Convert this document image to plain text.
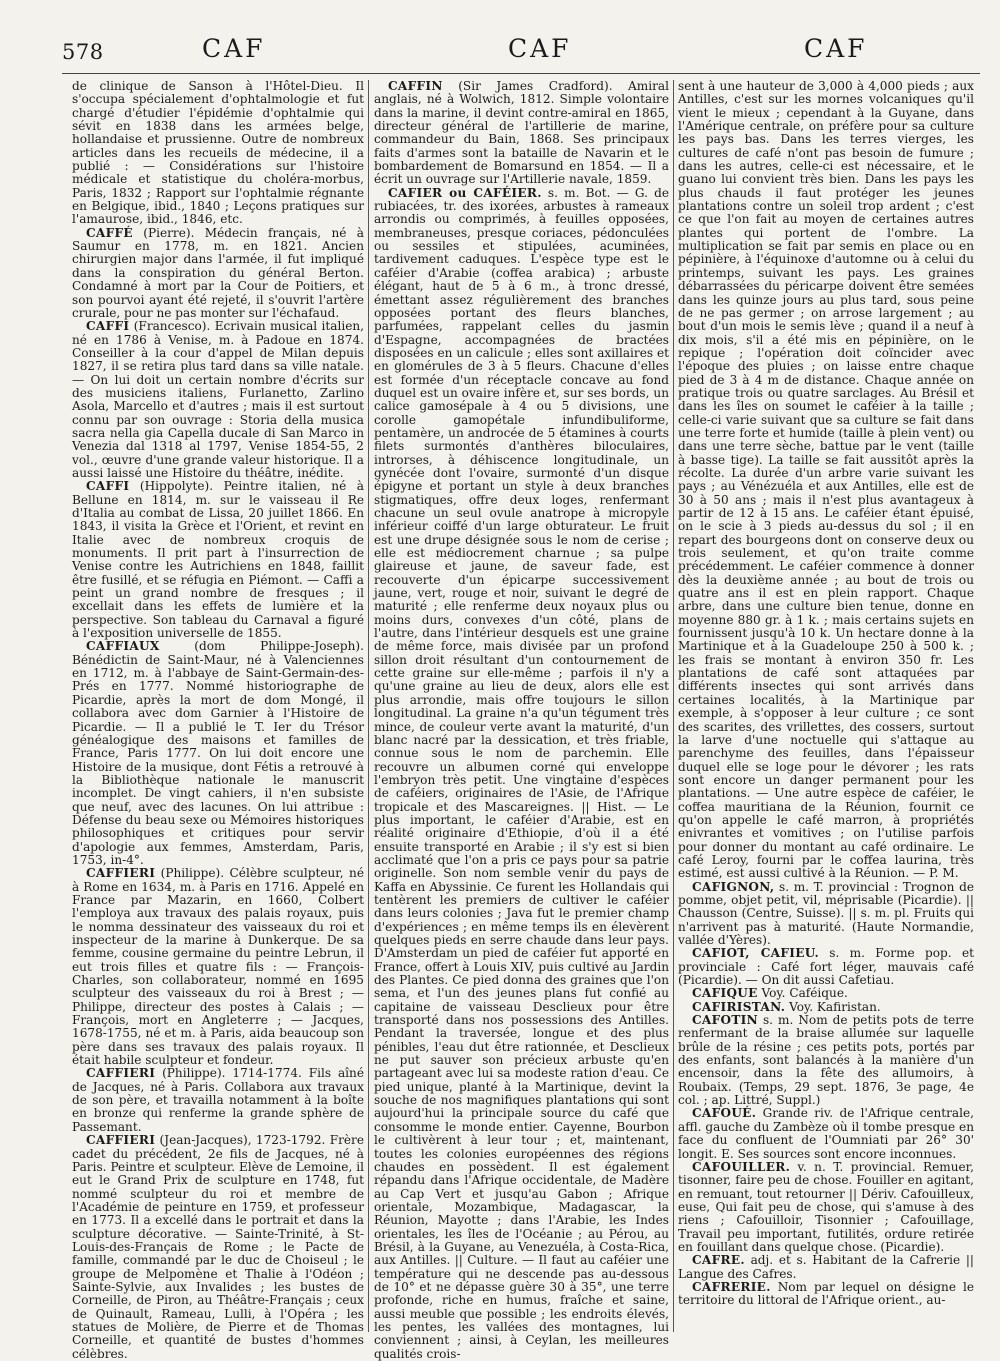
578	CAF	CAF	CAF

de clinique de Sanson à l'Hôtel-Dieu. Il s'occupa spécialement d'ophtalmologie et fut chargé d'étudier l'épidémie d'ophtalmie qui sévit en 1838 dans les armées belge, hollandaise et prussienne. Outre de nombreux articles dans les recueils de médecine, il a publié : — Considérations sur l'histoire médicale et statistique du choléra-morbus, Paris, 1832 ; Rapport sur l'ophtalmie régnante en Belgique, ibid., 1840 ; Leçons pratiques sur l'amaurose, ibid., 1846, etc.

CAFFÉ (Pierre). Médecin français, né à Saumur en 1778, m. en 1821. Ancien chirurgien major dans l'armée, il fut impliqué dans la conspiration du général Berton. Condamné à mort par la Cour de Poitiers, et son pourvoi ayant été rejeté, il s'ouvrit l'artère crurale, pour ne pas monter sur l'échafaud.

CAFFI (Francesco). Ecrivain musical italien, né en 1786 à Venise, m. à Padoue en 1874. Conseiller à la cour d'appel de Milan depuis 1827, il se retira plus tard dans sa ville natale. — On lui doit un certain nombre d'écrits sur des musiciens italiens, Furlanetto, Zarlino Asola, Marcello et d'autres ; mais il est surtout connu par son ouvrage : Storia della musica sacra nella gia Capella ducale di San Marco in Venezia dal 1318 al 1797, Venise 1854-55, 2 vol., œuvre d'une grande valeur historique. Il a aussi laissé une Histoire du théâtre, inédite.

CAFFI (Hippolyte). Peintre italien, né à Bellune en 1814, m. sur le vaisseau il Re d'Italia au combat de Lissa, 20 juillet 1866. En 1843, il visita la Grèce et l'Orient, et revint en Italie avec de nombreux croquis de monuments. Il prit part à l'insurrection de Venise contre les Autrichiens en 1848, faillit être fusillé, et se réfugia en Piémont. — Caffi a peint un grand nombre de fresques ; il excellait dans les effets de lumière et la perspective. Son tableau du Carnaval a figuré à l'exposition universelle de 1855.

CAFFIAUX	(dom Philippe-Joseph). Bénédictin de Saint-Maur, né à Valenciennes en 1712, m. à l'abbaye de Saint-Germain-des-Prés en 1777. Nommé historiographe de Picardie, après la mort de dom Mongé, il collabora avec dom Garnier à l'Histoire de Picardie. — Il a publié le T. Ier du Trésor généalogique des maisons et familles de France, Paris 1777. On lui doit encore une Histoire de la musique, dont Fétis a retrouvé à la Bibliothèque nationale le manuscrit incomplet. De vingt cahiers, il n'en subsiste que neuf, avec des lacunes. On lui attribue : Défense du beau sexe ou Mémoires historiques philosophiques et critiques pour servir d'apologie aux femmes, Amsterdam, Paris, 1753, in-4°.

CAFFIERI (Philippe). Célèbre sculpteur, né à Rome en 1634, m. à Paris en 1716. Appelé en France par Mazarin, en 1660, Colbert l'employa aux travaux des palais royaux, puis le nomma dessinateur des vaisseaux du roi et inspecteur de la marine à Dunkerque. De sa femme, cousine germaine du peintre Lebrun, il eut trois filles et quatre fils : — François-Charles, son collaborateur, nommé en 1695 sculpteur des vaisseaux du roi à Brest ; — Philippe, directeur des postes à Calais ; — François, mort en Angleterre ; — Jacques, 1678-1755, né et m. à Paris, aida beaucoup son père dans ses travaux des palais royaux. Il était habile sculpteur et fondeur.

CAFFIERI (Philippe). 1714-1774. Fils aîné de Jacques, né à Paris. Collabora aux travaux de son père, et travailla notamment à la boîte en bronze qui renferme la grande sphère de Passemant.

CAFFIERI (Jean-Jacques), 1723-1792. Frère cadet du précédent, 2e fils de Jacques, né à Paris. Peintre et sculpteur. Elève de Lemoine, il eut le Grand Prix de sculpture en 1748, fut nommé sculpteur du roi et membre de l'Académie de peinture en 1759, et professeur en 1773. Il a excellé dans le portrait et dans la sculpture décorative. — Sainte-Trinité, à St-Louis-des-Français de Rome ; le Pacte de famille, commandé par le duc de Choiseul ; le groupe de Melpomène et Thalie à l'Odéon ; Sainte-Sylvie, aux Invalides ; les bustes de Corneille, de Piron, au Théâtre-Français ; ceux de Quinault, Rameau, Lulli, à l'Opéra ; les statues de Molière, de Pierre et de Thomas Corneille, et quantité de bustes d'hommes célèbres.

CAFFIN (Sir James Cradford). Amiral anglais, né à Wolwich, 1812. Simple volontaire dans la marine, il devint contre-amiral en 1865, directeur général de l'artillerie de marine, commandeur du Bain, 1868. Ses principaux faits d'armes sont la bataille de Navarin et le bombardement de Bomarsund en 1854. — Il a écrit un ouvrage sur l'Artillerie navale, 1859.

CAFIER ou CAFÉIER. s. m. Bot. — G. de rubiacées, tr. des ixorées, arbustes à rameaux arrondis ou comprimés, à feuilles opposées, membraneuses, presque coriaces, pédonculées ou sessiles et stipulées, acuminées, tardivement caduques. L'espèce type est le caféier d'Arabie (coffea arabica) ; arbuste élégant, haut de 5 à 6 m., à tronc dressé, émettant assez régulièrement des branches opposées portant des fleurs blanches, parfumées, rappelant celles du jasmin d'Espagne, accompagnées de bractées disposées en un calicule ; elles sont axillaires et en glomérules de 3 à 5 fleurs. Chacune d'elles est formée d'un réceptacle concave au fond duquel est un ovaire infère et, sur ses bords, un calice gamosépale à 4 ou 5 divisions, une corolle gamopétale infundibuliforme, pentamère, un androcée de 5 étamines à courts filets surmontés d'anthères biloculaires, introrses, à déhiscence longitudinale, un gynécée dont l'ovaire, surmonté d'un disque épigyne et portant un style à deux branches stigmatiques, offre deux loges, renfermant chacune un seul ovule anatrope à micropyle inférieur coiffé d'un large obturateur. Le fruit est une drupe désignée sous le nom de cerise ; elle est médiocrement charnue ; sa pulpe glaireuse et jaune, de saveur fade, est recouverte d'un épicarpe successivement jaune, vert, rouge et noir, suivant le degré de maturité ; elle renferme deux noyaux plus ou moins durs, convexes d'un côté, plans de l'autre, dans l'intérieur desquels est une graine de même force, mais divisée par un profond sillon droit résultant d'un contournement de cette graine sur elle-même ; parfois il n'y a qu'une graine au lieu de deux, alors elle est plus arrondie, mais offre toujours le sillon longitudinal. La graine n'a qu'un tégument très mince, de couleur verte avant la maturité, d'un blanc nacré par la dessication, et très friable, connue sous le nom de parchemin. Elle recouvre un albumen corné qui enveloppe l'embryon très petit. Une vingtaine d'espèces de caféiers, originaires de l'Asie, de l'Afrique tropicale et des Mascareignes. || Hist. — Le plus important, le caféier d'Arabie, est en réalité originaire d'Ethiopie, d'où il a été ensuite transporté en Arabie ; il s'y est si bien acclimaté que l'on a pris ce pays pour sa patrie originelle. Son nom semble venir du pays de Kaffa en Abyssinie. Ce furent les Hollandais qui tentèrent les premiers de cultiver le caféier dans leurs colonies ; Java fut le premier champ d'expériences ; en même temps ils en élevèrent quelques pieds en serre chaude dans leur pays. D'Amsterdam un pied de caféier fut apporté en France, offert à Louis XIV, puis cultivé au Jardin des Plantes. Ce pied donna des graines que l'on sema, et l'un des jeunes plans fut confié au capitaine de vaisseau Desclieux pour être transporté dans nos possessions des Antilles. Pendant la traversée, longue et des plus pénibles, l'eau dut être rationnée, et Desclieux ne put sauver son précieux arbuste qu'en partageant avec lui sa modeste ration d'eau. Ce pied unique, planté à la Martinique, devint la souche de nos magnifiques plantations qui sont aujourd'hui la principale source du café que consomme le monde entier. Cayenne, Bourbon le cultivèrent à leur tour ; et, maintenant, toutes les colonies européennes des régions chaudes en possèdent. Il est également répandu dans l'Afrique occidentale, de Madère au Cap Vert et jusqu'au Gabon ; Afrique orientale, Mozambique, Madagascar, la Réunion, Mayotte ; dans l'Arabie, les Indes orientales, les îles de l'Océanie ; au Pérou, au Brésil, à la Guyane, au Venezuéla, à Costa-Rica, aux Antilles. || Culture. — Il faut au caféier une température qui ne descende pas au-dessous de 10° et ne dépasse guère 30 à 35°, une terre profonde, riche en humus, fraîche et saine, aussi meuble que possible ; les endroits élevés, les pentes, les vallées des montagnes, lui conviennent ; ainsi, à Ceylan, les meilleures qualités crois-

sent à une hauteur de 3,000 à 4,000 pieds ; aux Antilles, c'est sur les mornes volcaniques qu'il vient le mieux ; cependant à la Guyane, dans l'Amérique centrale, on préfère pour sa culture les pays bas. Dans les terres vierges, les cultures de café n'ont pas besoin de fumure ; dans les autres, celle-ci est nécessaire, et le guano lui convient très bien. Dans les pays les plus chauds il faut protéger les jeunes plantations contre un soleil trop ardent ; c'est ce que l'on fait au moyen de certaines autres plantes qui portent de l'ombre. La multiplication se fait par semis en place ou en pépinière, à l'équinoxe d'automne ou à celui du printemps, suivant les pays. Les graines débarrassées du péricarpe doivent être semées dans les quinze jours au plus tard, sous peine de ne pas germer ; on arrose largement ; au bout d'un mois le semis lève ; quand il a neuf à dix mois, s'il a été mis en pépinière, on le repique ; l'opération doit coïncider avec l'époque des pluies ; on laisse entre chaque pied de 3 à 4 m de distance. Chaque année on pratique trois ou quatre sarclages. Au Brésil et dans les îles on soumet le caféier à la taille ; celle-ci varie suivant que sa culture se fait dans une terre forte et humide (taille à plein vent) ou dans une terre sèche, battue par le vent (taille à basse tige). La taille se fait aussitôt après la récolte. La durée d'un arbre varie suivant les pays ; au Vénézuéla et aux Antilles, elle est de 30 à 50 ans ; mais il n'est plus avantageux à partir de 12 à 15 ans. Le caféier étant épuisé, on le scie à 3 pieds au-dessus du sol ; il en repart des bourgeons dont on conserve deux ou trois seulement, et qu'on traite comme précédemment. Le caféier commence à donner dès la deuxième année ; au bout de trois ou quatre ans il est en plein rapport. Chaque arbre, dans une culture bien tenue, donne en moyenne 880 gr. à 1 k. ; mais certains sujets en fournissent jusqu'à 10 k. Un hectare donne à la Martinique et à la Guadeloupe 250 à 500 k. ; les frais se montant à environ 350 fr. Les plantations de café sont attaquées par différents insectes qui sont arrivés dans certaines localités, à la Martinique par exemple, à s'opposer à leur culture ; ce sont des scarites, des vrillettes, des cossers, surtout la larve d'une noctuelle qui s'attaque au parenchyme des feuilles, dans l'épaisseur duquel elle se loge pour le dévorer ; les rats sont encore un danger permanent pour les plantations. — Une autre espèce de caféier, le coffea mauritiana de la Réunion, fournit ce qu'on appelle le café marron, à propriétés enivrantes et vomitives ; on l'utilise parfois pour donner du montant au café ordinaire. Le café Leroy, fourni par le coffea laurina, très estimé, est aussi cultivé à la Réunion. — P. M.

CAFIGNON, s. m. T. provincial : Trognon de pomme, objet petit, vil, méprisable (Picardie). || Chausson (Centre, Suisse). || s. m. pl. Fruits qui n'arrivent pas à maturité. (Haute Normandie, vallée d'Yères).

CAFIOT, CAFIEU. s. m. Forme pop. et provinciale : Café fort léger, mauvais café (Picardie). — On dit aussi Cafetiau.

CAFIQUE Voy. Caféique.

CAFIRISTAN. Voy. Kafiristan.

CAFOTIN s. m. Nom de petits pots de terre renfermant de la braise allumée sur laquelle brûle de la résine ; ces petits pots, portés par des enfants, sont balancés à la manière d'un encensoir, dans la fête des allumoirs, à Roubaix. (Temps, 29 sept. 1876, 3e page, 4e col. ; ap. Littré, Suppl.)

CAFOUÉ. Grande riv. de l'Afrique centrale, affl. gauche du Zambèze où il tombe presque en face du confluent de l'Oumniati par 26° 30' longit. E. Ses sources sont encore inconnues.

CAFOUILLER. v. n. T. provincial. Remuer, tisonner, faire peu de chose. Fouiller en agitant, en remuant, tout retourner || Dériv. Cafouilleux, euse, Qui fait peu de chose, qui s'amuse à des riens ; Cafouilloir, Tisonnier ; Cafouillage, Travail peu important, futilités, ordure retirée en fouillant dans quelque chose. (Picardie).

CAFRE. adj. et s. Habitant de la Cafrerie || Langue des Cafres.

CAFRERIE. Nom par lequel on désigne le territoire du littoral de l'Afrique orient., au-
